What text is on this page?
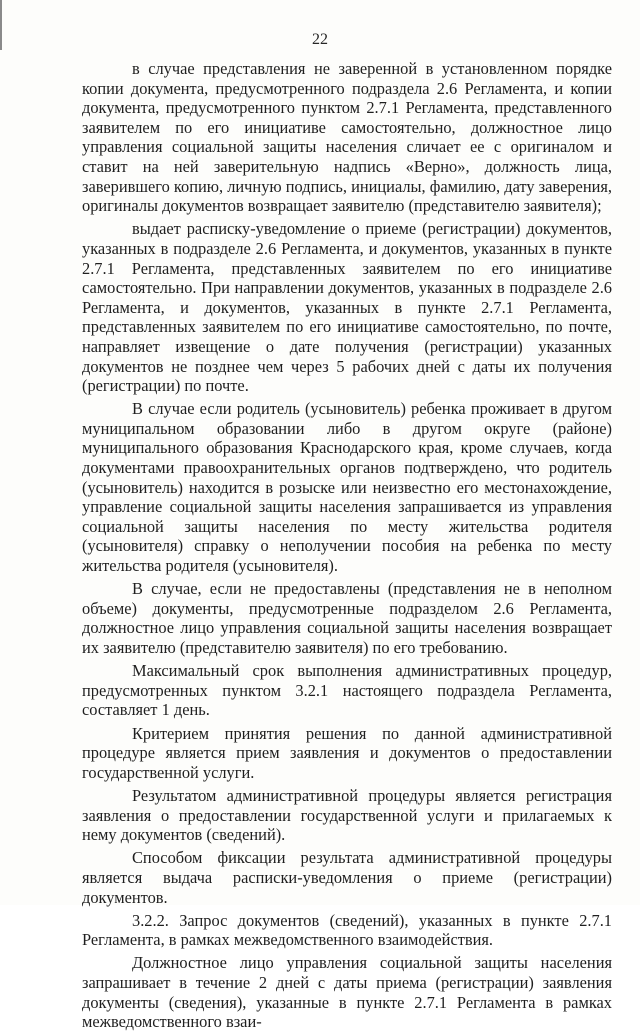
22

в случае представления не заверенной в установленном порядке копии документа, предусмотренного подраздела 2.6 Регламента, и копии документа, предусмотренного пунктом 2.7.1 Регламента, представленного заявителем по его инициативе самостоятельно, должностное лицо управления социальной защиты населения сличает ее с оригиналом и ставит на ней заверительную надпись «Верно», должность лица, заверившего копию, личную подпись, инициалы, фамилию, дату заверения, оригиналы документов возвращает заявителю (представителю заявителя);

выдает расписку-уведомление о приеме (регистрации) документов, указанных в подразделе 2.6 Регламента, и документов, указанных в пункте 2.7.1 Регламента, представленных заявителем по его инициативе самостоятельно. При направлении документов, указанных в подразделе 2.6 Регламента, и документов, указанных в пункте 2.7.1 Регламента, представленных заявителем по его инициативе самостоятельно, по почте, направляет извещение о дате получения (регистрации) указанных документов не позднее чем через 5 рабочих дней с даты их получения (регистрации) по почте.

В случае если родитель (усыновитель) ребенка проживает в другом муниципальном образовании либо в другом округе (районе) муниципального образования Краснодарского края, кроме случаев, когда документами правоохранительных органов подтверждено, что родитель (усыновитель) находится в розыске или неизвестно его местонахождение, управление социальной защиты населения запрашивается из управления социальной защиты населения по месту жительства родителя (усыновителя) справку о неполучении пособия на ребенка по месту жительства родителя (усыновителя).

В случае, если не предоставлены (представления не в неполном объеме) документы, предусмотренные подразделом 2.6 Регламента, должностное лицо управления социальной защиты населения возвращает их заявителю (представителю заявителя) по его требованию.

Максимальный срок выполнения административных процедур, предусмотренных пунктом 3.2.1 настоящего подраздела Регламента, составляет 1 день.

Критерием принятия решения по данной административной процедуре является прием заявления и документов о предоставлении государственной услуги.

Результатом административной процедуры является регистрация заявления о предоставлении государственной услуги и прилагаемых к нему документов (сведений).

Способом фиксации результата административной процедуры является выдача расписки-уведомления о приеме (регистрации) документов.

3.2.2. Запрос документов (сведений), указанных в пункте 2.7.1 Регламента, в рамках межведомственного взаимодействия.

Должностное лицо управления социальной защиты населения запрашивает в течение 2 дней с даты приема (регистрации) заявления документы (сведения), указанные в пункте 2.7.1 Регламента в рамках межведомственного взаи-
